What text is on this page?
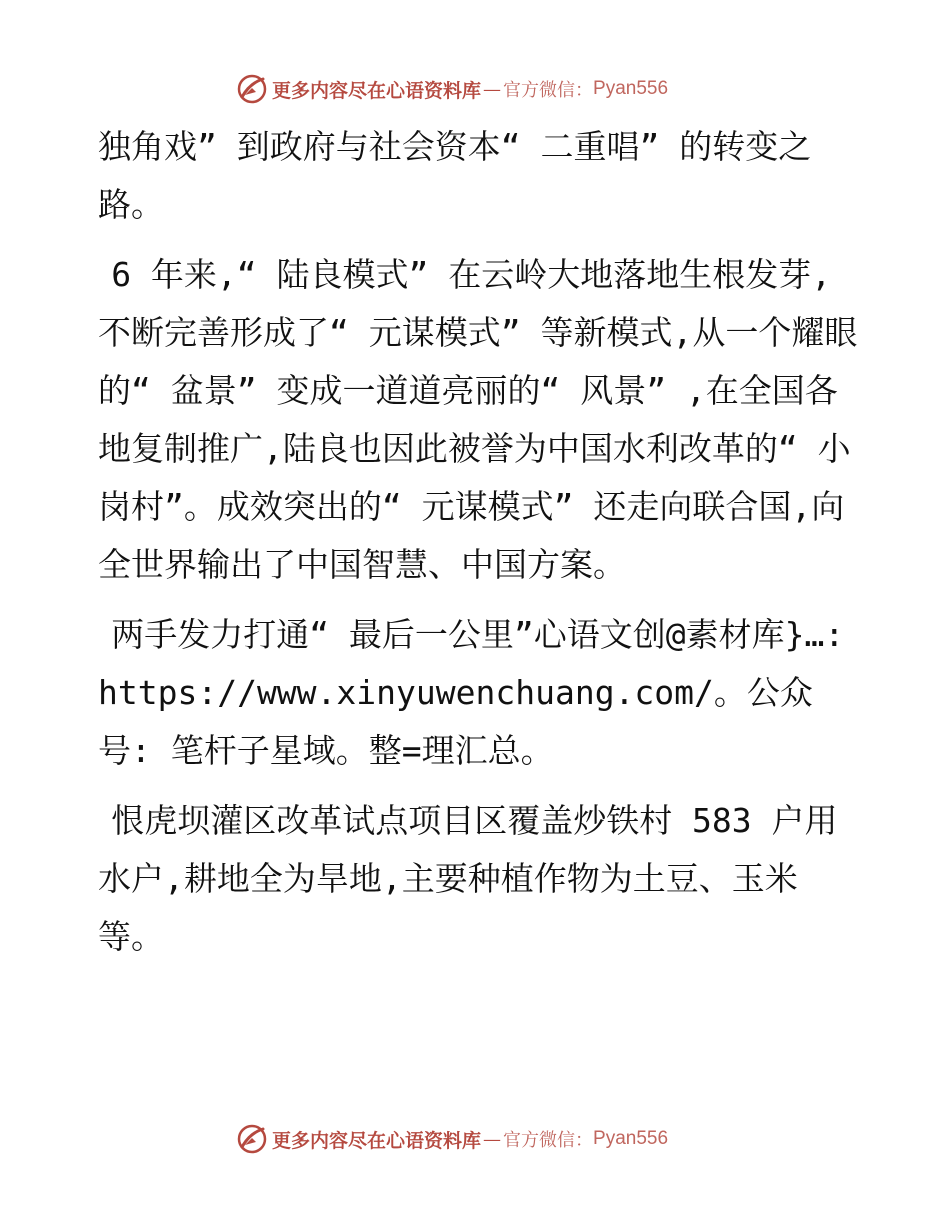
更多内容尽在心语资料库 — 官方微信： Pyan556

独角戏” 到政府与社会资本“ 二重唱” 的转变之路。

6 年来,“ 陆良模式” 在云岭大地落地生根发芽,不断完善形成了“ 元谋模式” 等新模式,从一个耀眼的“ 盆景” 变成一道道亮丽的“ 风景” ,在全国各地复制推广,陆良也因此被誉为中国水利改革的“ 小岗村”。成效突出的“ 元谋模式” 还走向联合国,向全世界输出了中国智慧、中国方案。

两手发力打通“ 最后一公里”心语文创@素材库}…: https://www.xinyuwenchuang.com/。公众号: 笔杆子星域。整=理汇总。

恨虎坝灌区改革试点项目区覆盖炒铁村 583 户用水户,耕地全为旱地,主要种植作物为土豆、玉米等。

更多内容尽在心语资料库 — 官方微信： Pyan556
